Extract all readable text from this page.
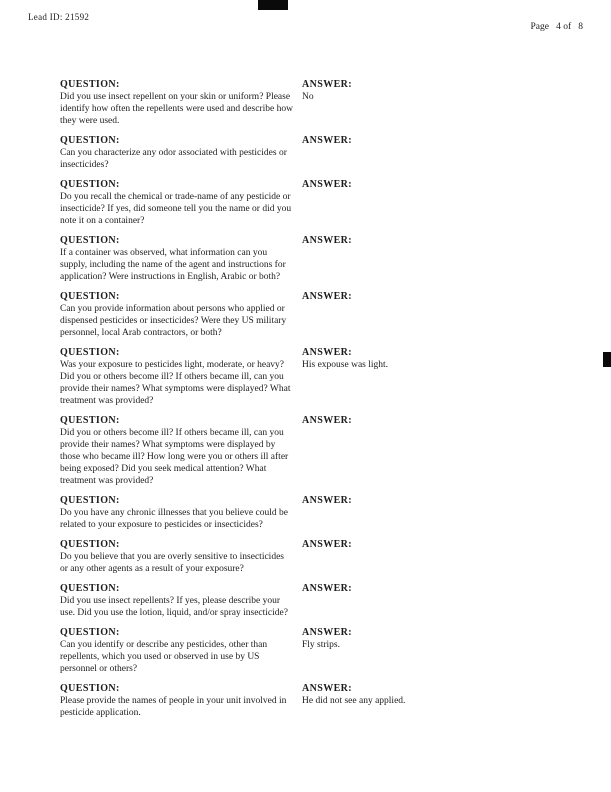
Lead ID: 21592
Page   4 of   8
QUESTION:
Did you use insect repellent on your skin or uniform? Please identify how often the repellents were used and describe how they were used.
ANSWER:
No
QUESTION:
Can you characterize any odor associated with pesticides or insecticides?
ANSWER:
QUESTION:
Do you recall the chemical or trade-name of any pesticide or insecticide? If yes, did someone tell you the name or did you note it on a container?
ANSWER:
QUESTION:
If a container was observed, what information can you supply, including the name of the agent and instructions for application? Were instructions in English, Arabic or both?
ANSWER:
QUESTION:
Can you provide information about persons who applied or dispensed pesticides or insecticides? Were they US military personnel, local Arab contractors, or both?
ANSWER:
QUESTION:
Was your exposure to pesticides light, moderate, or heavy? Did you or others become ill? If others became ill, can you provide their names? What symptoms were displayed? What treatment was provided?
ANSWER:
His expouse was light.
QUESTION:
Did you or others become ill? If others became ill, can you provide their names? What symptoms were displayed by those who became ill? How long were you or others ill after being exposed? Did you seek medical attention? What treatment was provided?
ANSWER:
QUESTION:
Do you have any chronic illnesses that you believe could be related to your exposure to pesticides or insecticides?
ANSWER:
QUESTION:
Do you believe that you are overly sensitive to insecticides or any other agents as a result of your exposure?
ANSWER:
QUESTION:
Did you use insect repellents? If yes, please describe your use. Did you use the lotion, liquid, and/or spray insecticide?
ANSWER:
QUESTION:
Can you identify or describe any pesticides, other than repellents, which you used or observed in use by US personnel or others?
ANSWER:
Fly strips.
QUESTION:
Please provide the names of people in your unit involved in pesticide application.
ANSWER:
He did not see any applied.
